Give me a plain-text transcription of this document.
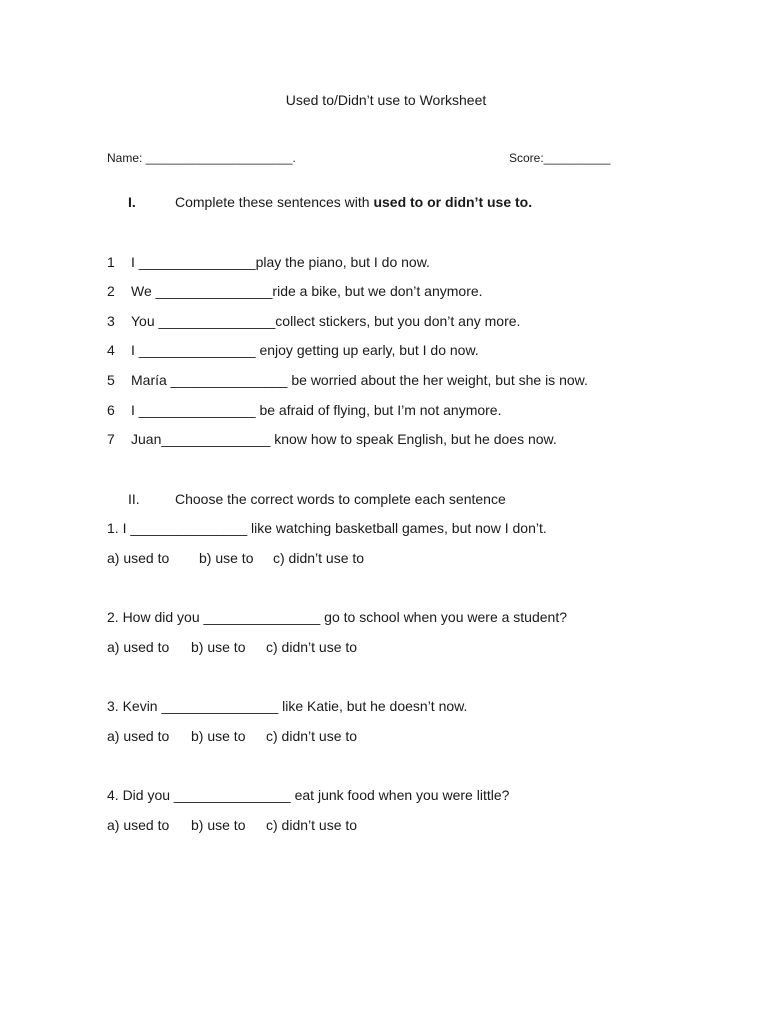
Used to/Didn’t use to Worksheet
Name: ______________________.	Score:__________
I.	Complete these sentences with used to or didn’t use to.
1 I _______________play the piano, but I do now.
2 We _______________ride a bike, but we don’t anymore.
3 You _______________collect stickers, but you don’t any more.
4 I _______________ enjoy getting up early, but I do now.
5 María _______________ be worried about the her weight, but she is now.
6 I _______________ be afraid of flying, but I’m not anymore.
7 Juan______________ know how to speak English, but he does now.
II.	Choose the correct words to complete each sentence
1. I _______________ like watching basketball games, but now I don’t.
a) used to b) use to c) didn’t use to
2. How did you _______________ go to school when you were a student?
a) used to b) use to c) didn’t use to
3. Kevin _______________ like Katie, but he doesn’t now.
a) used to b) use to c) didn’t use to
4. Did you _______________ eat junk food when you were little?
a) used to b) use to c) didn’t use to
